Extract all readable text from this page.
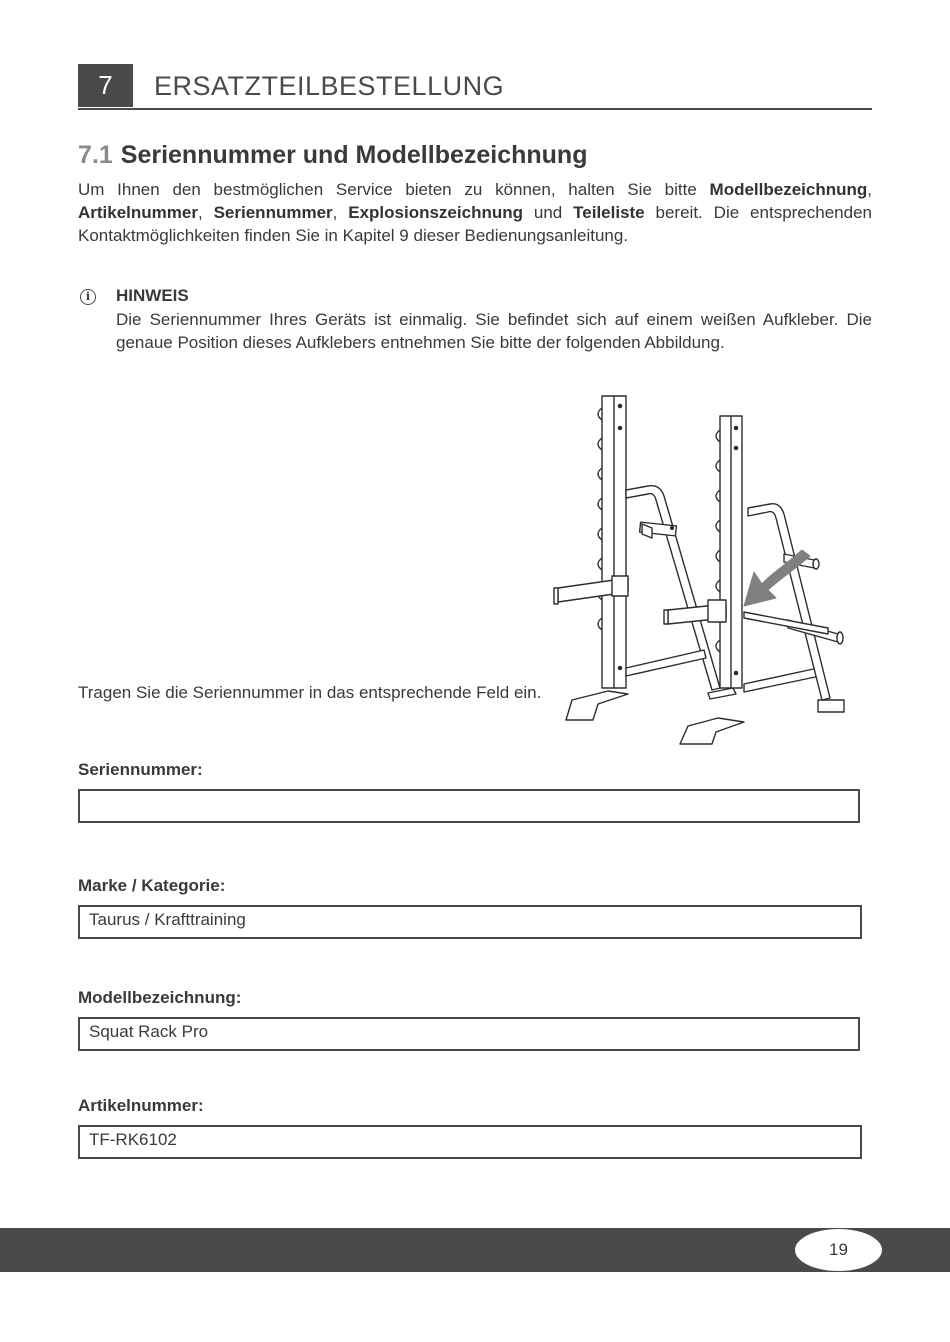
7	ERSATZTEILBESTELLUNG
7.1 Seriennummer und Modellbezeichnung

Um Ihnen den bestmöglichen Service bieten zu können, halten Sie bitte Modellbezeichnung, Artikelnummer, Seriennummer, Explosionszeichnung und Teileliste bereit. Die entsprechenden Kontaktmöglichkeiten finden Sie in Kapitel 9 dieser Bedienungsanleitung.

i	HINWEIS

Die Seriennummer Ihres Geräts ist einmalig. Sie befindet sich auf einem weißen Aufkleber. Die genaue Position dieses Aufklebers entnehmen Sie bitte der folgenden Abbildung.

Tragen Sie die Seriennummer in das entsprechende Feld ein.
Seriennummer:
Marke / Kategorie:
Taurus / Krafttraining
Modellbezeichnung:
Squat Rack Pro
Artikelnummer:
TF-RK6102
19
